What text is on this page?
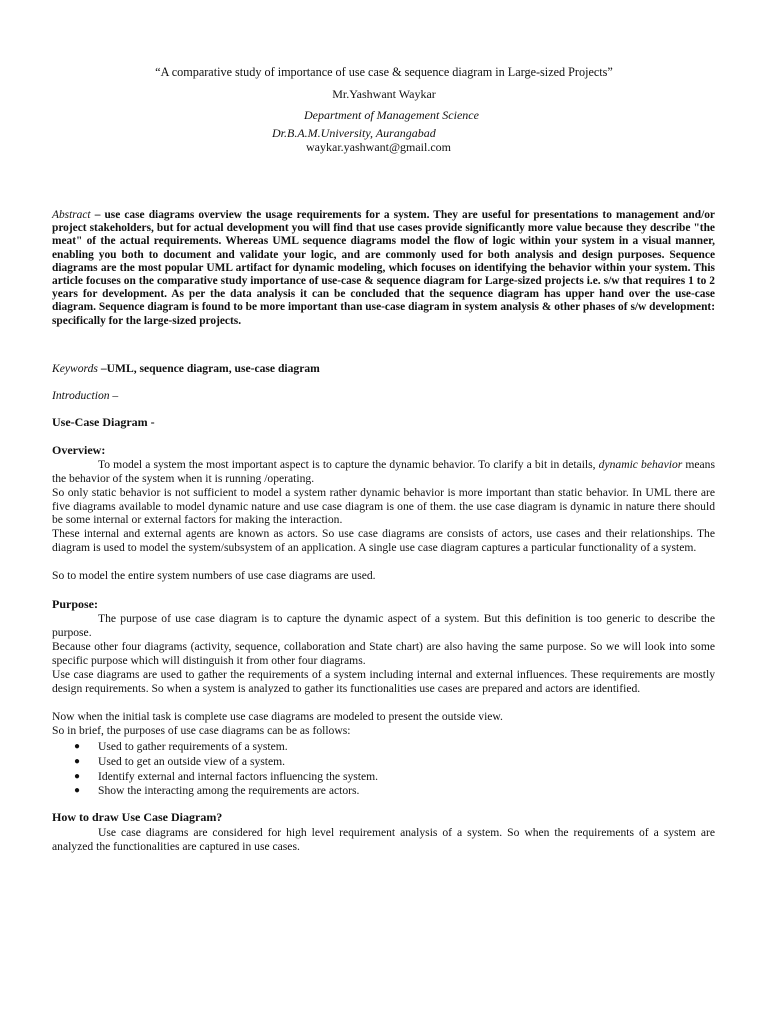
“A comparative study of importance of use case & sequence diagram in Large-sized Projects”
Mr.Yashwant Waykar
Department of Management Science
Dr.B.A.M.University, Aurangabad
waykar.yashwant@gmail.com

Abstract – use case diagrams overview the usage requirements for a system. They are useful for presentations to management and/or project stakeholders, but for actual development you will find that use cases provide significantly more value because they describe "the meat" of the actual requirements. Whereas UML sequence diagrams model the flow of logic within your system in a visual manner, enabling you both to document and validate your logic, and are commonly used for both analysis and design purposes. Sequence diagrams are the most popular UML artifact for dynamic modeling, which focuses on identifying the behavior within your system. This article focuses on the comparative study importance of use-case & sequence diagram for Large-sized projects i.e. s/w that requires 1 to 2 years for development. As per the data analysis it can be concluded that the sequence diagram has upper hand over the use-case diagram. Sequence diagram is found to be more important than use-case diagram in system analysis & other phases of s/w development: specifically for the large-sized projects.

Keywords –UML, sequence diagram, use-case diagram

Introduction –

Use-Case Diagram -

Overview:

To model a system the most important aspect is to capture the dynamic behavior. To clarify a bit in details, dynamic behavior means the behavior of the system when it is running /operating.

So only static behavior is not sufficient to model a system rather dynamic behavior is more important than static behavior. In UML there are five diagrams available to model dynamic nature and use case diagram is one of them. the use case diagram is dynamic in nature there should be some internal or external factors for making the interaction.

These internal and external agents are known as actors. So use case diagrams are consists of actors, use cases and their relationships. The diagram is used to model the system/subsystem of an application. A single use case diagram captures a particular functionality of a system.

So to model the entire system numbers of use case diagrams are used.

Purpose:

The purpose of use case diagram is to capture the dynamic aspect of a system. But this definition is too generic to describe the purpose.

Because other four diagrams (activity, sequence, collaboration and State chart) are also having the same purpose. So we will look into some specific purpose which will distinguish it from other four diagrams.

Use case diagrams are used to gather the requirements of a system including internal and external influences. These requirements are mostly design requirements. So when a system is analyzed to gather its functionalities use cases are prepared and actors are identified.

Now when the initial task is complete use case diagrams are modeled to present the outside view.

So in brief, the purposes of use case diagrams can be as follows:

● Used to gather requirements of a system.
● Used to get an outside view of a system.
● Identify external and internal factors influencing the system.
● Show the interacting among the requirements are actors.

How to draw Use Case Diagram?

Use case diagrams are considered for high level requirement analysis of a system. So when the requirements of a system are analyzed the functionalities are captured in use cases.
